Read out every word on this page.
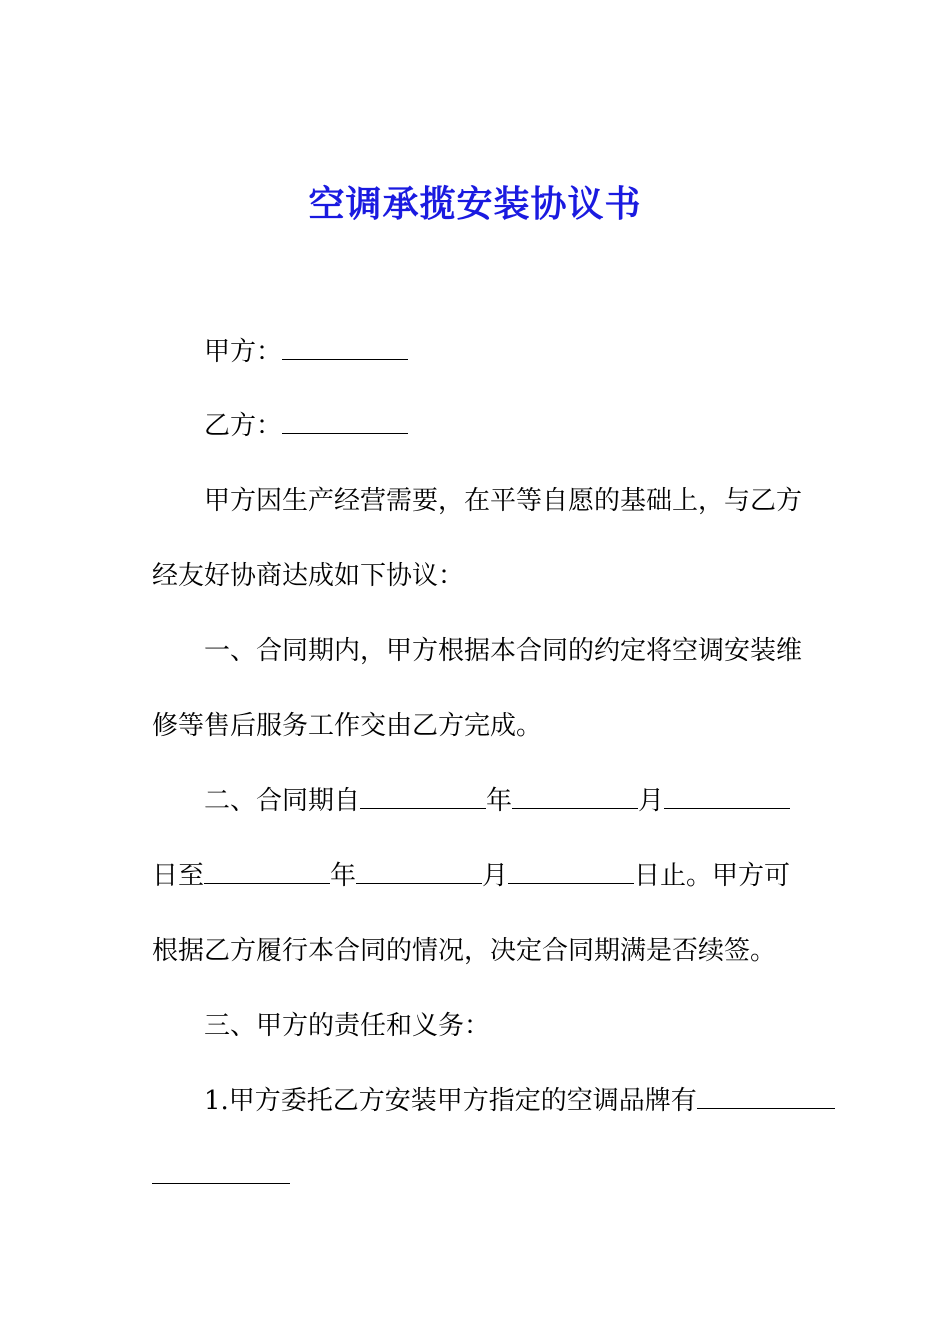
空调承揽安装协议书
甲方：
乙方：
甲方因生产经营需要，在平等自愿的基础上，与乙方
经友好协商达成如下协议：
一、合同期内，甲方根据本合同的约定将空调安装维
修等售后服务工作交由乙方完成。
二、合同期自	年	月
日至	年	月	日止。甲方可
根据乙方履行本合同的情况，决定合同期满是否续签。
三、甲方的责任和义务：
1.甲方委托乙方安装甲方指定的空调品牌有
